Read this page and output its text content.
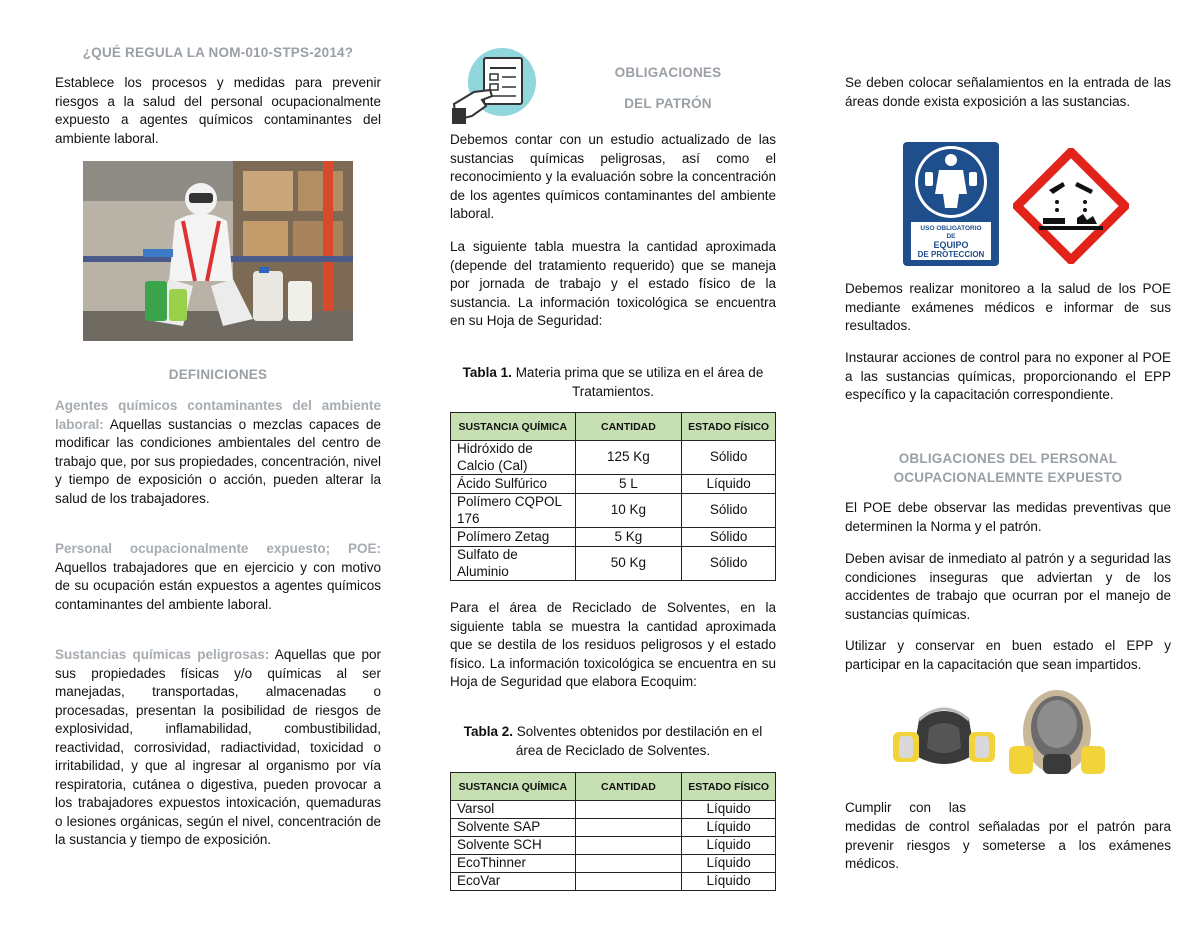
¿QUÉ REGULA LA NOM-010-STPS-2014?

Establece los procesos y medidas para prevenir riesgos a la salud del personal ocupacionalmente expuesto a agentes químicos contaminantes del ambiente laboral.

DEFINICIONES

Agentes químicos contaminantes del ambiente laboral: Aquellas sustancias o mezclas capaces de modificar las condiciones ambientales del centro de trabajo que, por sus propiedades, concentración, nivel y tiempo de exposición o acción, pueden alterar la salud de los trabajadores.

Personal ocupacionalmente expuesto; POE: Aquellos trabajadores que en ejercicio y con motivo de su ocupación están expuestos a agentes químicos contaminantes del ambiente laboral.

Sustancias químicas peligrosas: Aquellas que por sus propiedades físicas y/o químicas al ser manejadas, transportadas, almacenadas o procesadas, presentan la posibilidad de riesgos de explosividad, inflamabilidad, combustibilidad, reactividad, corrosividad, radiactividad, toxicidad o irritabilidad, y que al ingresar al organismo por vía respiratoria, cutánea o digestiva, pueden provocar a los trabajadores expuestos intoxicación, quemaduras o lesiones orgánicas, según el nivel, concentración de la sustancia y tiempo de exposición.

OBLIGACIONES

DEL PATRÓN

Debemos contar con un estudio actualizado de las sustancias químicas peligrosas, así como el reconocimiento y la evaluación sobre la concentración de los agentes químicos contaminantes del ambiente laboral.

La siguiente tabla muestra la cantidad aproximada (depende del tratamiento requerido) que se maneja por jornada de trabajo y el estado físico de la sustancia. La información toxicológica se encuentra en su Hoja de Seguridad:

Tabla 1. Materia prima que se utiliza en el área de Tratamientos.

SUSTANCIA QUÍMICA	CANTIDAD	ESTADO FÍSICO
Hidróxido de Calcio (Cal)	125 Kg	Sólido
Ácido Sulfúrico	5 L	Líquido
Polímero CQPOL 176	10 Kg	Sólido
Polímero Zetag	5 Kg	Sólido
Sulfato de Aluminio	50 Kg	Sólido

Para el área de Reciclado de Solventes, en la siguiente tabla se muestra la cantidad aproximada que se destila de los residuos peligrosos y el estado físico. La información toxicológica se encuentra en su Hoja de Seguridad que elabora Ecoquim:

Tabla 2. Solventes obtenidos por destilación en el área de Reciclado de Solventes.

SUSTANCIA QUÍMICA	CANTIDAD	ESTADO FÍSICO
Varsol		Líquido
Solvente SAP		Líquido
Solvente SCH		Líquido
EcoThinner		Líquido
EcoVar		Líquido

Se deben colocar señalamientos en la entrada de las áreas donde exista exposición a las sustancias.

USO OBLIGATORIO
DE
EQUIPO
DE PROTECCION

Debemos realizar monitoreo a la salud de los POE mediante exámenes médicos e informar de sus resultados.

Instaurar acciones de control para no exponer al POE a las sustancias químicas, proporcionando el EPP específico y la capacitación correspondiente.

OBLIGACIONES DEL PERSONAL

OCUPACIONALEMNTE EXPUESTO

El POE debe observar las medidas preventivas que determinen la Norma y el patrón.

Deben avisar de inmediato al patrón y a seguridad las condiciones inseguras que adviertan y de los accidentes de trabajo que ocurran por el manejo de sustancias químicas.

Utilizar y conservar en buen estado el EPP y participar en la capacitación que sean impartidos.

Cumplir con las

medidas de control señaladas por el patrón para prevenir riesgos y someterse a los exámenes médicos.
